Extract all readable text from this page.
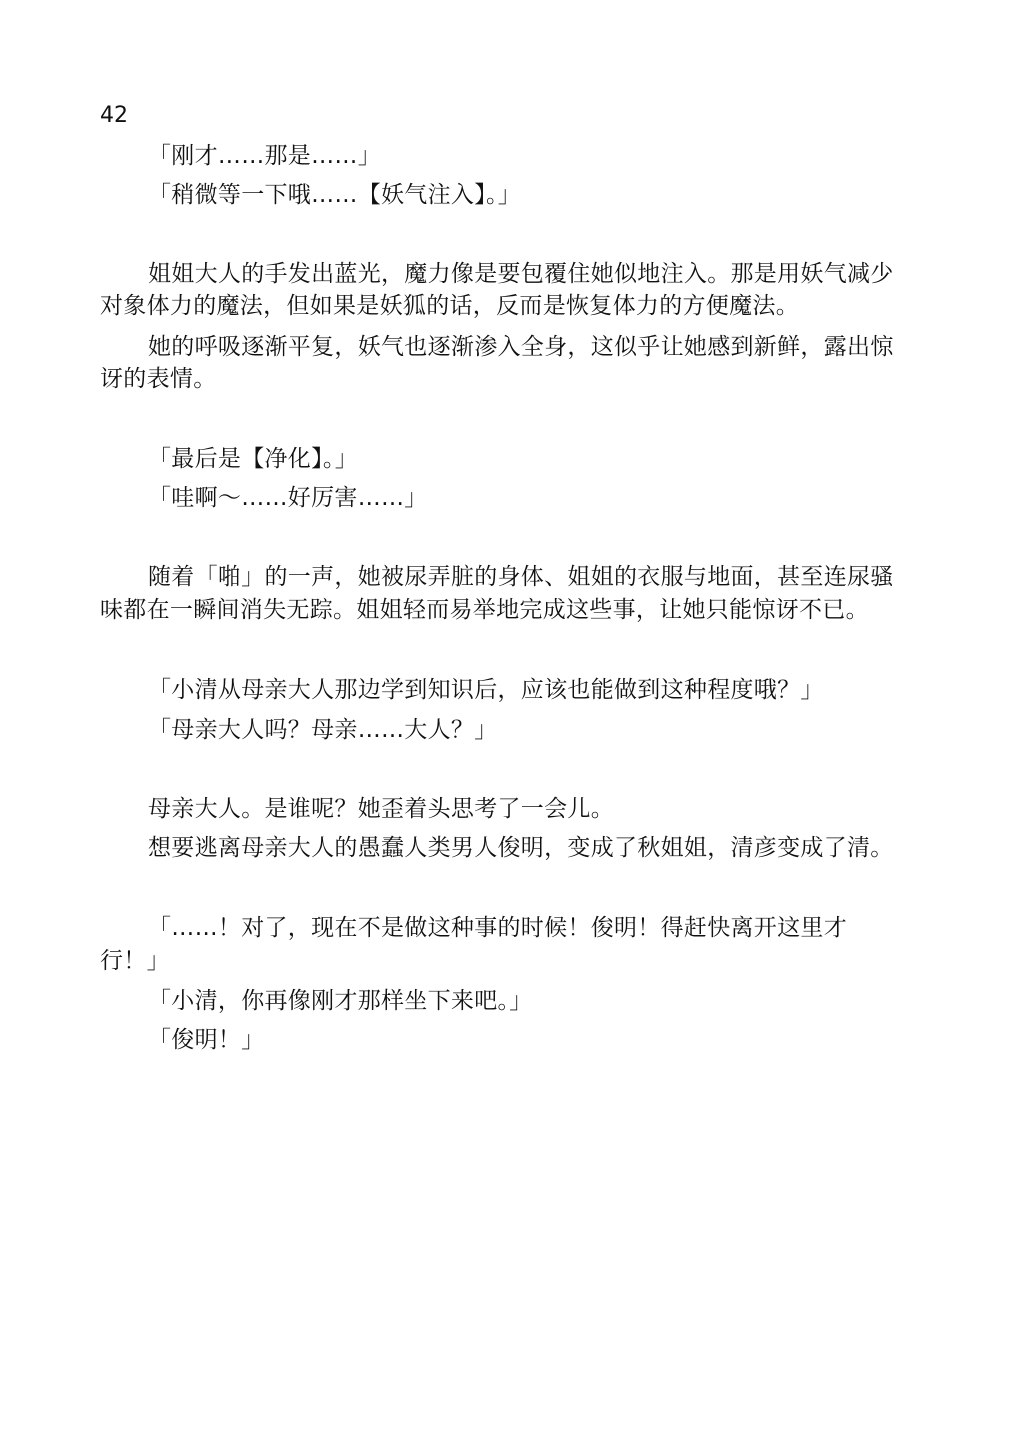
42
「刚才……那是……」
「稍微等一下哦……【妖气注入】。」
姐姐大人的手发出蓝光，魔力像是要包覆住她似地注入。那是用妖气减少
对象体力的魔法，但如果是妖狐的话，反而是恢复体力的方便魔法。
她的呼吸逐渐平复，妖气也逐渐渗入全身，这似乎让她感到新鲜，露出惊
讶的表情。
「最后是【净化】。」
「哇啊～……好厉害……」
随着「啪」的一声，她被尿弄脏的身体、姐姐的衣服与地面，甚至连尿骚
味都在一瞬间消失无踪。姐姐轻而易举地完成这些事，让她只能惊讶不已。
「小清从母亲大人那边学到知识后，应该也能做到这种程度哦？」
「母亲大人吗？母亲……大人？」
母亲大人。是谁呢？她歪着头思考了一会儿。
想要逃离母亲大人的愚蠢人类男人俊明，变成了秋姐姐，清彦变成了清。
「……！对了，现在不是做这种事的时候！俊明！得赶快离开这里才
行！」
「小清，你再像刚才那样坐下来吧。」
「俊明！」
